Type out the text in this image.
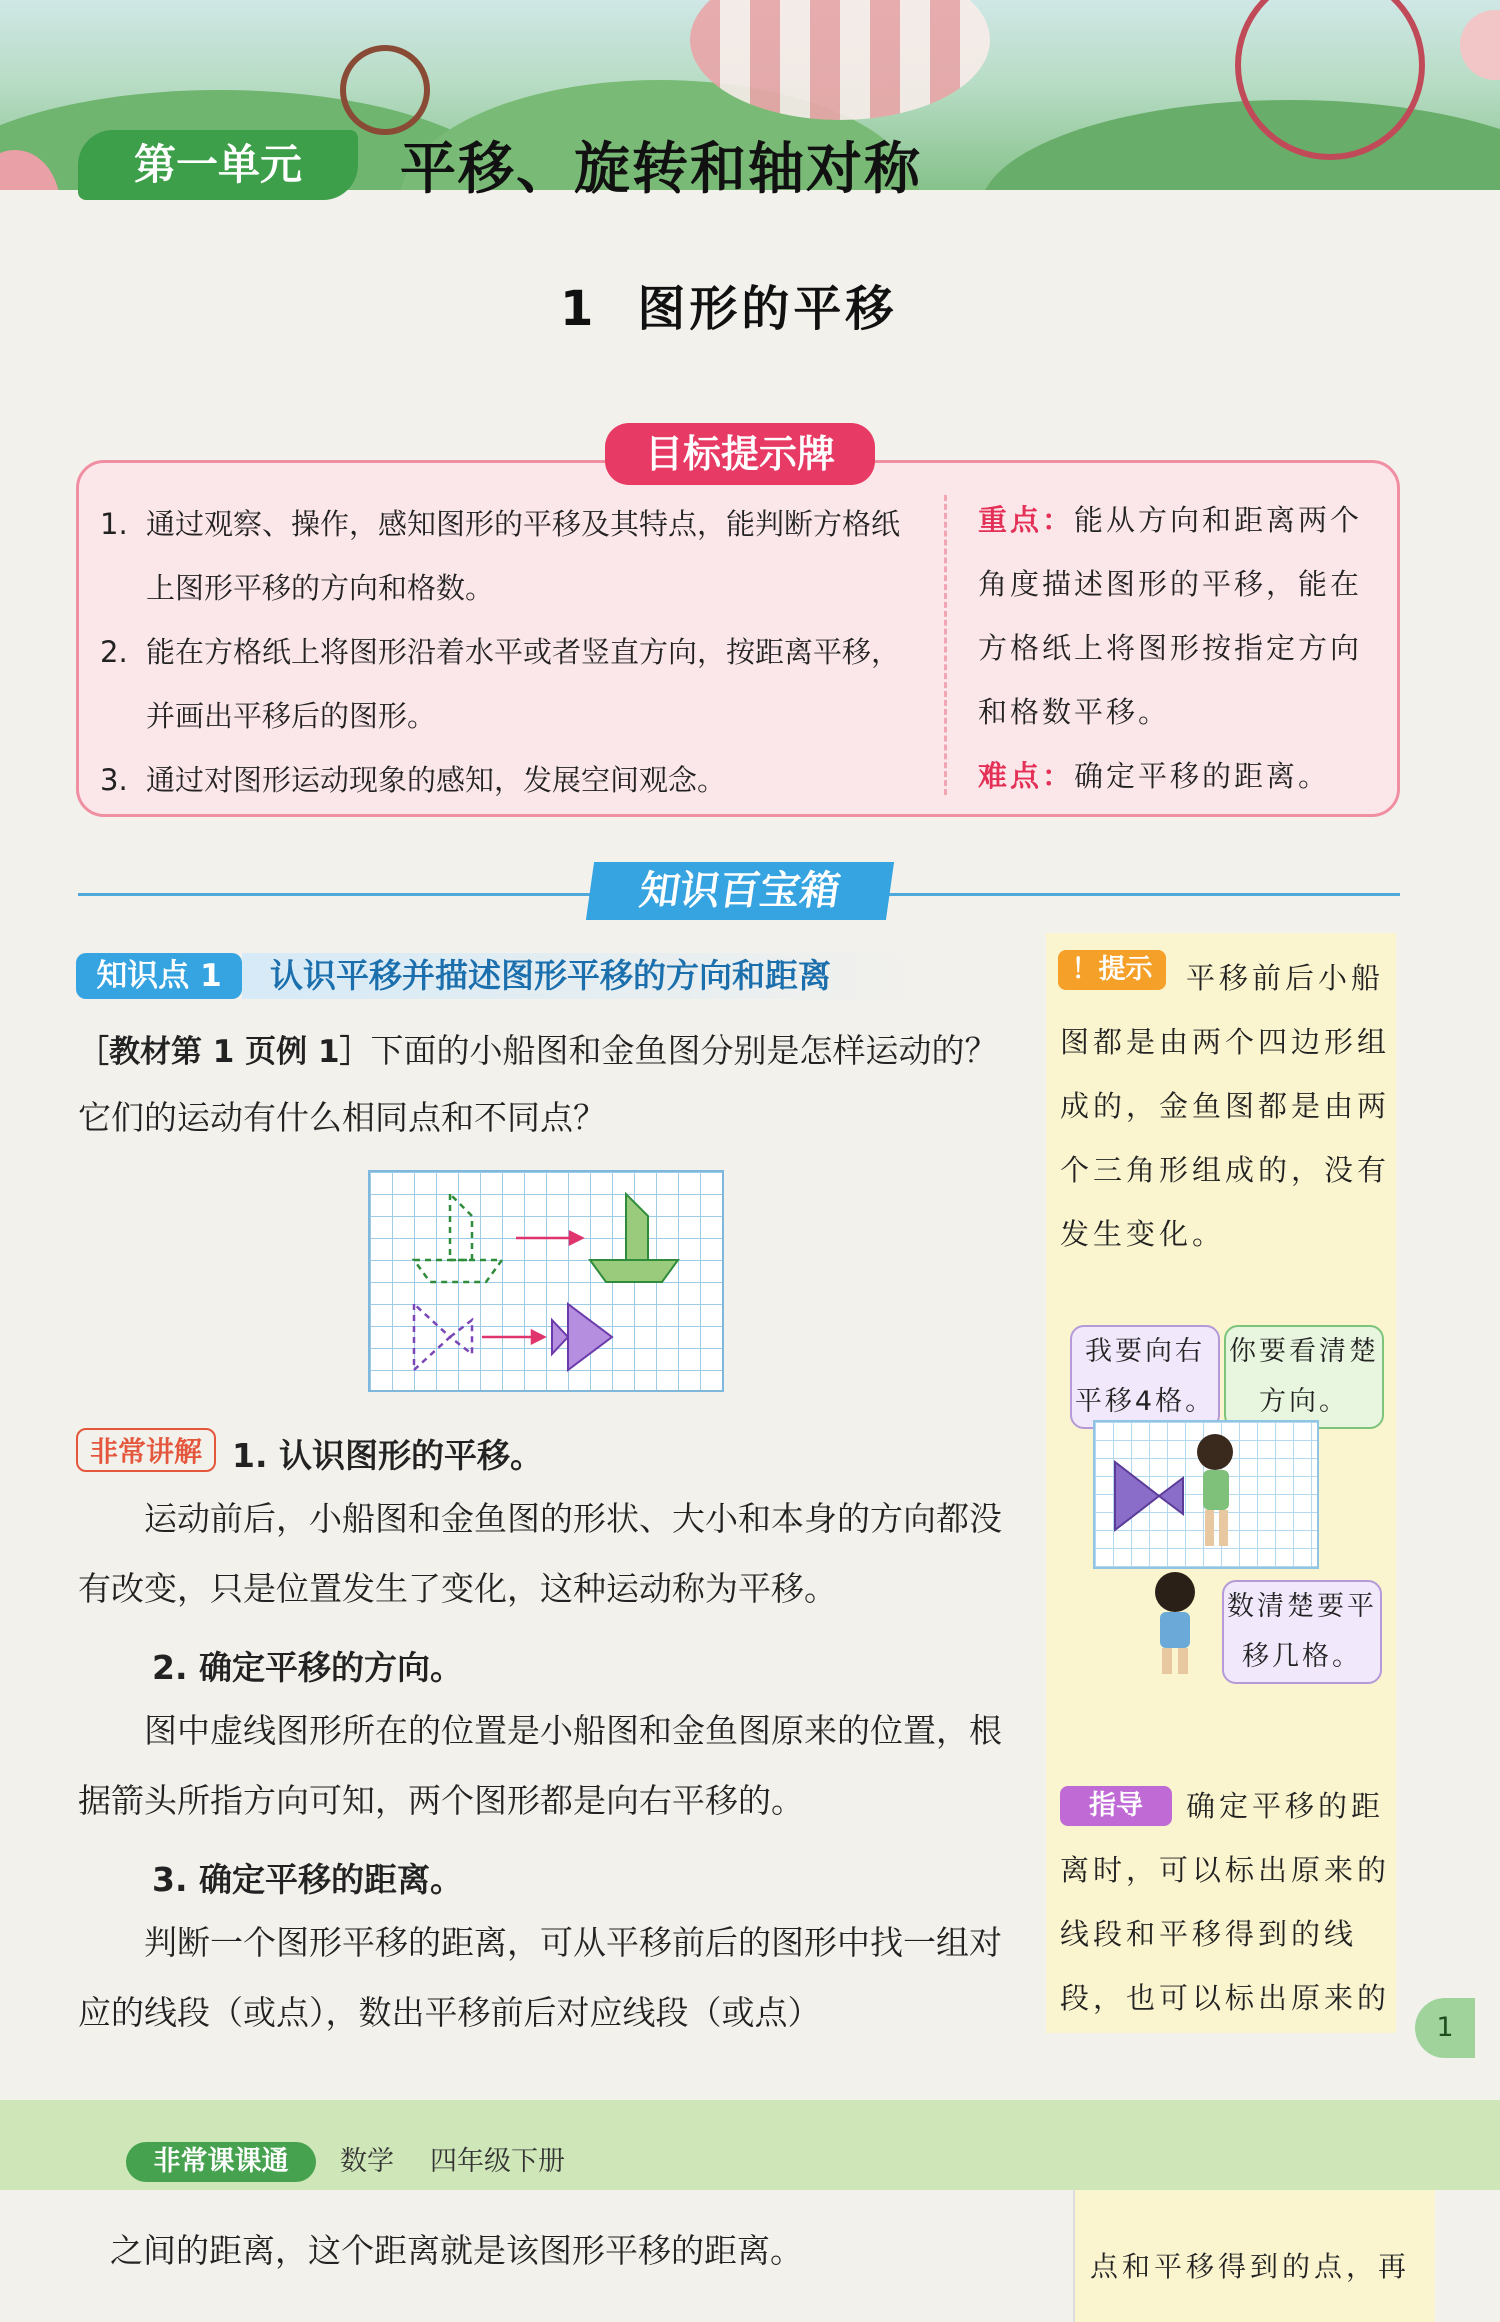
第一单元	平移、旋转和轴对称
1 图形的平移
目标提示牌
1. 通过观察、操作，感知图形的平移及其特点，能判断方格纸上图形平移的方向和格数。
2. 能在方格纸上将图形沿着水平或者竖直方向，按距离平移，并画出平移后的图形。
3. 通过对图形运动现象的感知，发展空间观念。
重点：能从方向和距离两个角度描述图形的平移，能在方格纸上将图形按指定方向和格数平移。
难点：确定平移的距离。
知识百宝箱
知识点 1	认识平移并描述图形平移的方向和距离
［教材第 1 页例 1］下面的小船图和金鱼图分别是怎样运动的？它们的运动有什么相同点和不同点？
非常讲解 1. 认识图形的平移。
运动前后，小船图和金鱼图的形状、大小和本身的方向都没有改变，只是位置发生了变化，这种运动称为平移。
2. 确定平移的方向。
图中虚线图形所在的位置是小船图和金鱼图原来的位置，根据箭头所指方向可知，两个图形都是向右平移的。
3. 确定平移的距离。
判断一个图形平移的距离，可从平移前后的图形中找一组对应的线段（或点），数出平移前后对应线段（或点）
！提示	平移前后小船图都是由两个四边形组成的，金鱼图都是由两个三角形组成的，没有发生变化。
我要向右平移4格。
你要看清楚方向。
数清楚要平移几格。
指导	确定平移的距离时，可以标出原来的线段和平移得到的线段，也可以标出原来的
1
非常课课通	数学 四年级下册
之间的距离，这个距离就是该图形平移的距离。	点和平移得到的点，再
